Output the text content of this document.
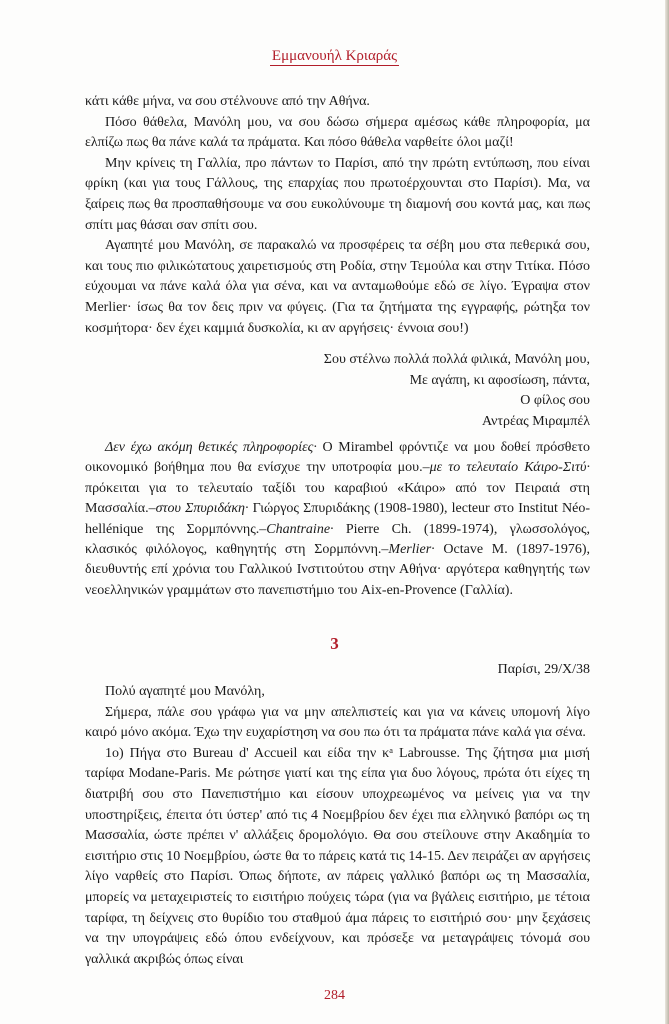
Εμμανουήλ Κριαράς

κάτι κάθε μήνα, να σου στέλνουνε από την Αθήνα.

Πόσο θάθελα, Μανόλη μου, να σου δώσω σήμερα αμέσως κάθε πληροφορία, μα ελπίζω πως θα πάνε καλά τα πράματα. Και πόσο θάθελα ναρθείτε όλοι μαζί!

Μην κρίνεις τη Γαλλία, προ πάντων το Παρίσι, από την πρώτη εντύπωση, που είναι φρίκη (και για τους Γάλλους, της επαρχίας που πρωτοέρχουνται στο Παρίσι). Μα, να ξαίρεις πως θα προσπαθήσουμε να σου ευκολύνουμε τη διαμονή σου κοντά μας, και πως σπίτι μας θάσαι σαν σπίτι σου.

Αγαπητέ μου Μανόλη, σε παρακαλώ να προσφέρεις τα σέβη μου στα πεθερικά σου, και τους πιο φιλικώτατους χαιρετισμούς στη Ροδία, στην Τεμούλα και στην Τιτίκα. Πόσο εύχουμαι να πάνε καλά όλα για σένα, και να ανταμωθούμε εδώ σε λίγο. Έγραψα στον Merlier· ίσως θα τον δεις πριν να φύγεις. (Για τα ζητήματα της εγγραφής, ρώτηξα τον κοσμήτορα· δεν έχει καμμιά δυσκολία, κι αν αργήσεις· έννοια σου!)

Σου στέλνω πολλά πολλά φιλικά, Μανόλη μου,
Με αγάπη, κι αφοσίωση, πάντα,
Ο φίλος σου
Αντρέας Μιραμπέλ

Δεν έχω ακόμη θετικές πληροφορίες· Ο Mirambel φρόντιζε να μου δοθεί πρόσθετο οικονομικό βοήθημα που θα ενίσχυε την υποτροφία μου.–με το τελευταίο Κάιρο-Σιτύ· πρόκειται για το τελευταίο ταξίδι του καραβιού «Κάιρο» από τον Πειραιά στη Μασσαλία.–στου Σπυριδάκη· Γιώργος Σπυριδάκης (1908-1980), lecteur στο Institut Néo-hellénique της Σορμπόννης.–Chantraine· Pierre Ch. (1899-1974), γλωσσολόγος, κλασικός φιλόλογος, καθηγητής στη Σορμπόννη.–Merlier· Octave M. (1897-1976), διευθυντής επί χρόνια του Γαλλικού Ινστιτούτου στην Αθήνα· αργότερα καθηγητής των νεοελληνικών γραμμάτων στο πανεπιστήμιο του Aix-en-Provence (Γαλλία).

3
Παρίσι, 29/Χ/38

Πολύ αγαπητέ μου Μανόλη,

Σήμερα, πάλε σου γράφω για να μην απελπιστείς και για να κάνεις υπομονή λίγο καιρό μόνο ακόμα. Έχω την ευχαρίστηση να σου πω ότι τα πράματα πάνε καλά για σένα.

1ο) Πήγα στο Bureau d' Accueil και είδα την κᵃ Labrousse. Της ζήτησα μια μισή ταρίφα Modane-Paris. Με ρώτησε γιατί και της είπα για δυο λόγους, πρώτα ότι είχες τη διατριβή σου στο Πανεπιστήμιο και είσουν υποχρεωμένος να μείνεις για να την υποστηρίξεις, έπειτα ότι ύστερ' από τις 4 Νοεμβρίου δεν έχει πια ελληνικό βαπόρι ως τη Μασσαλία, ώστε πρέπει ν' αλλάξεις δρομολόγιο. Θα σου στείλουνε στην Ακαδημία το εισιτήριο στις 10 Νοεμβρίου, ώστε θα το πάρεις κατά τις 14-15. Δεν πειράζει αν αργήσεις λίγο ναρθείς στο Παρίσι. Όπως δήποτε, αν πάρεις γαλλικό βαπόρι ως τη Μασσαλία, μπορείς να μεταχειριστείς το εισιτήριο πούχεις τώρα (για να βγάλεις εισιτήριο, με τέτοια ταρίφα, τη δείχνεις στο θυρίδιο του σταθμού άμα πάρεις το εισιτήριό σου· μην ξεχάσεις να την υπογράψεις εδώ όπου ενδείχνουν, και πρόσεξε να μεταγράψεις τόνομά σου γαλλικά ακριβώς όπως είναι

284
